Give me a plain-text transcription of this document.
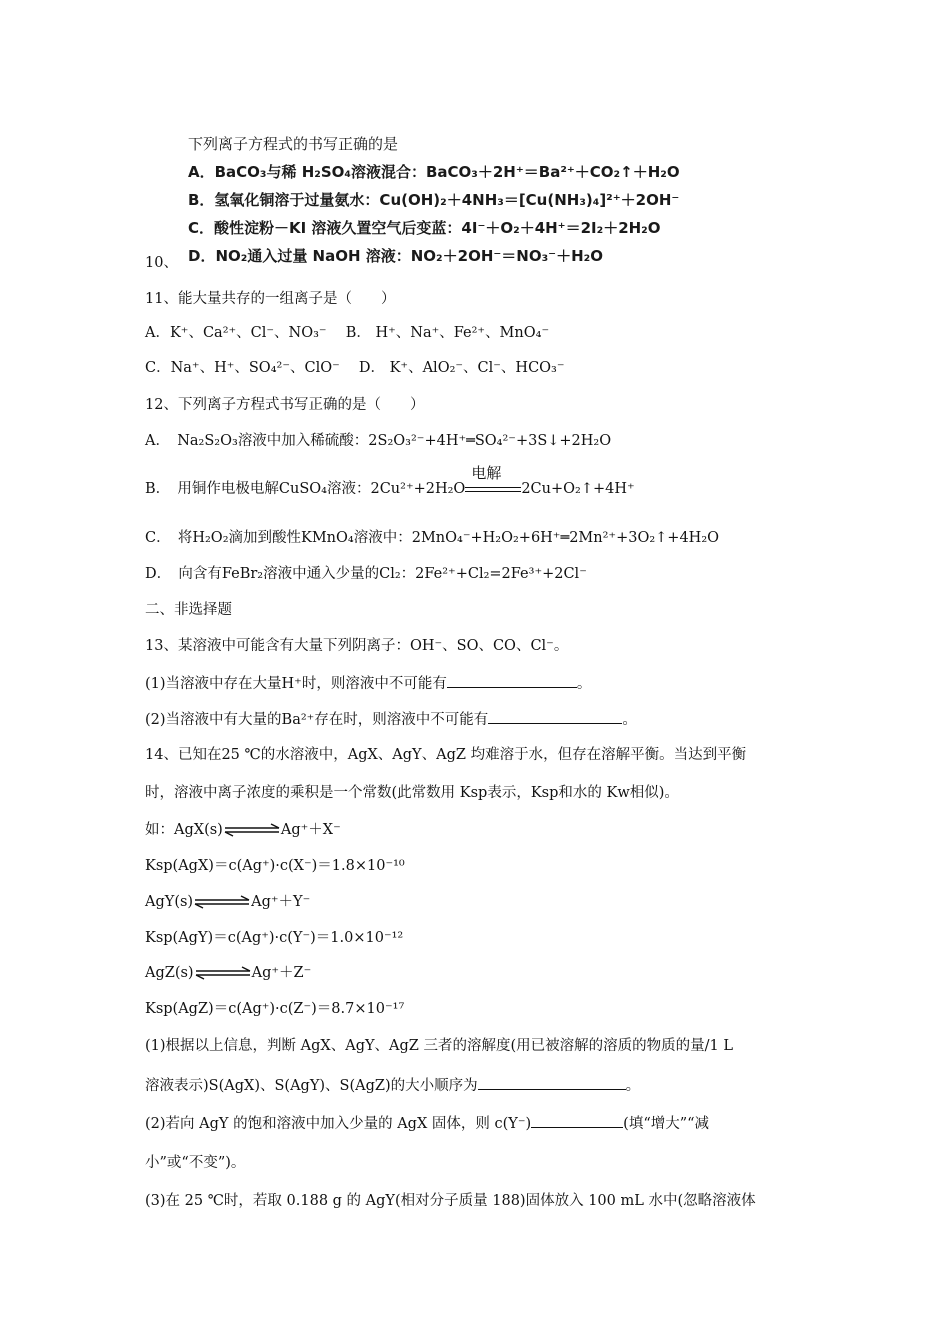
下列离子方程式的书写正确的是
A．BaCO₃与稀 H₂SO₄溶液混合：BaCO₃＋2H⁺＝Ba²⁺＋CO₂↑＋H₂O
B．氢氧化铜溶于过量氨水：Cu(OH)₂＋4NH₃＝[Cu(NH₃)₄]²⁺＋2OH⁻
C．酸性淀粉－KI 溶液久置空气后变蓝：4I⁻＋O₂＋4H⁺＝2I₂＋2H₂O
D．NO₂通入过量 NaOH 溶液：NO₂＋2OH⁻＝NO₃⁻＋H₂O
10、
11、能大量共存的一组离子是（　　）
A．K⁺、Ca²⁺、Cl⁻、NO₃⁻　 B． H⁺、Na⁺、Fe²⁺、MnO₄⁻
C．Na⁺、H⁺、SO₄²⁻、ClO⁻　 D． K⁺、AlO₂⁻、Cl⁻、HCO₃⁻
12、下列离子方程式书写正确的是（　　）
A．　Na₂S₂O₃溶液中加入稀硫酸：2S₂O₃²⁻+4H⁺═SO₄²⁻+3S↓+2H₂O
B．　用铜作电极电解CuSO₄溶液：2Cu²⁺+2H₂O
电解
2Cu+O₂↑+4H⁺
C．　将H₂O₂滴加到酸性KMnO₄溶液中：2MnO₄⁻+H₂O₂+6H⁺═2Mn²⁺+3O₂↑+4H₂O
D．　向含有FeBr₂溶液中通入少量的Cl₂：2Fe²⁺+Cl₂=2Fe³⁺+2Cl⁻
二、非选择题
13、某溶液中可能含有大量下列阴离子：OH⁻、SO、CO、Cl⁻。
(1)当溶液中存在大量H⁺时，则溶液中不可能有	。
(2)当溶液中有大量的Ba²⁺存在时，则溶液中不可能有	。
14、已知在25 ℃的水溶液中，AgX、AgY、AgZ 均难溶于水，但存在溶解平衡。当达到平衡
时，溶液中离子浓度的乘积是一个常数(此常数用 Ksp表示，Ksp和水的 Kw相似)。
如：AgX(s)⇌Ag⁺＋X⁻
Ksp(AgX)＝c(Ag⁺)·c(X⁻)＝1.8×10⁻¹⁰
AgY(s)⇌Ag⁺＋Y⁻
Ksp(AgY)＝c(Ag⁺)·c(Y⁻)＝1.0×10⁻¹²
AgZ(s)⇌Ag⁺＋Z⁻
Ksp(AgZ)＝c(Ag⁺)·c(Z⁻)＝8.7×10⁻¹⁷
(1)根据以上信息，判断 AgX、AgY、AgZ 三者的溶解度(用已被溶解的溶质的物质的量/1 L
溶液表示)S(AgX)、S(AgY)、S(AgZ)的大小顺序为	。
(2)若向 AgY 的饱和溶液中加入少量的 AgX 固体，则 c(Y⁻)	(填“增大”“减
小”或“不变”)。
(3)在 25 ℃时，若取 0.188 g 的 AgY(相对分子质量 188)固体放入 100 mL 水中(忽略溶液体
